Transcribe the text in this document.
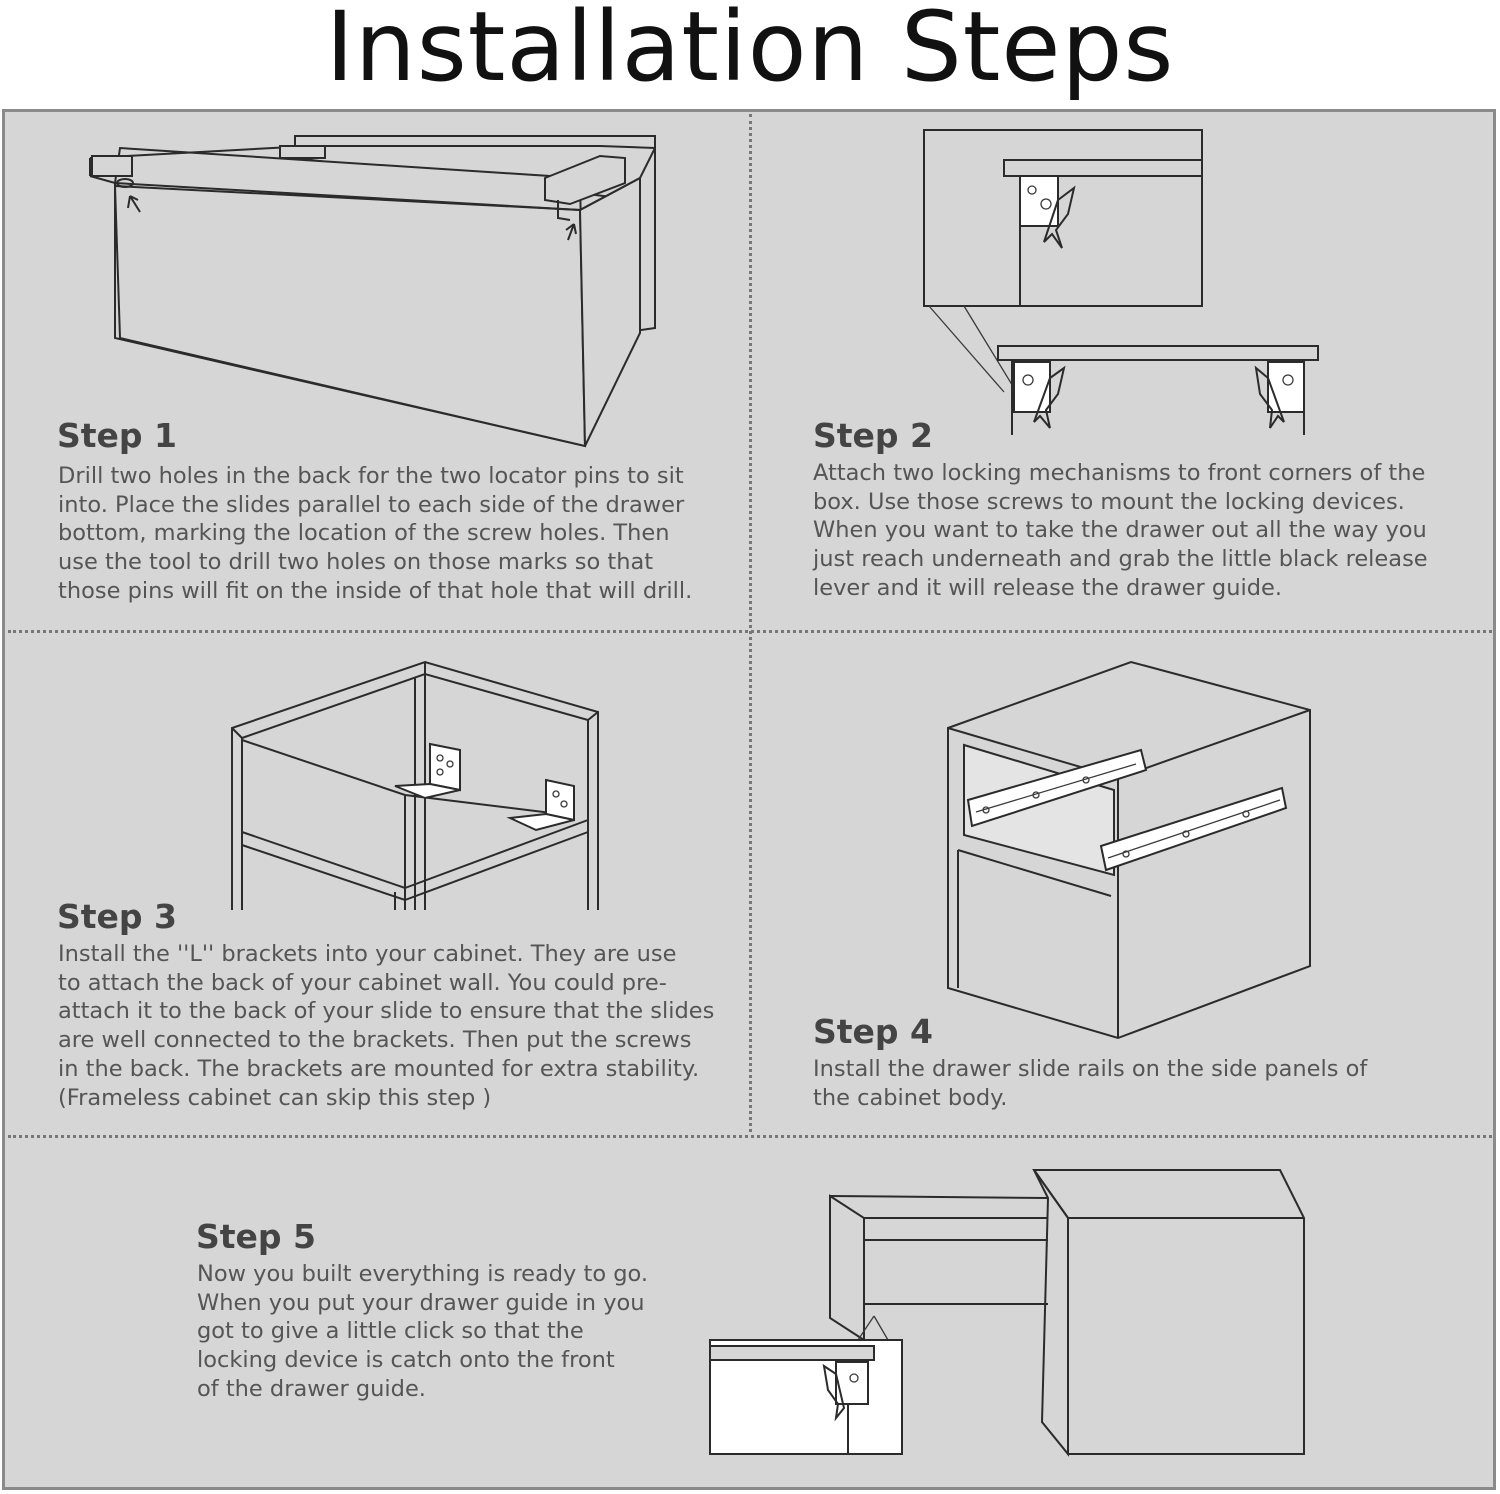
Installation Steps
Step 1
Drill two holes in the back for the two locator pins to sit
into. Place the slides parallel to each side of the drawer
bottom, marking the location of the screw holes. Then
use the tool to drill two holes on those marks so that
those pins will fit on the inside of that hole that will drill.
Step 2
Attach two locking mechanisms to front corners of the
box. Use those screws to mount the locking devices.
When you want to take the drawer out all the way you
just reach underneath and grab the little black release
lever and it will release the drawer guide.
Step 3
Install the ''L'' brackets into your cabinet. They are use
to attach the back of your cabinet wall. You could pre-
attach it to the back of your slide to ensure that the slides
are well connected to the brackets. Then put the screws
in the back. The brackets are mounted for extra stability.
(Frameless cabinet can skip this step )
Step 4
Install the drawer slide rails on the side panels of
the cabinet body.
Step 5
Now you built everything is ready to go.
When you put your drawer guide in you
got to give a little click so that the
locking device is catch onto the front
of the drawer guide.
